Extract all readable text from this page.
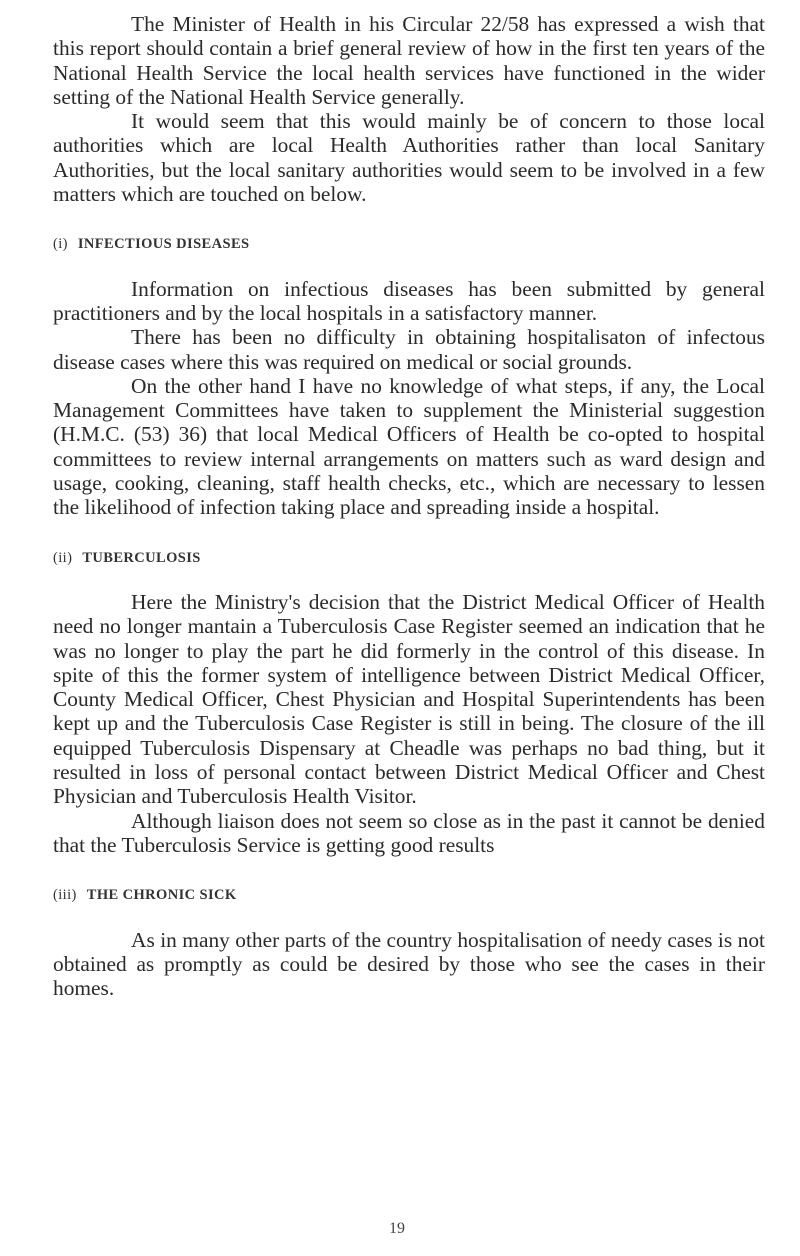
The Minister of Health in his Circular 22/58 has expressed a wish that this report should contain a brief general review of how in the first ten years of the National Health Service the local health services have functioned in the wider setting of the National Health Service generally.

It would seem that this would mainly be of concern to those local authorities which are local Health Authorities rather than local Sanitary Authorities, but the local sanitary authorities would seem to be involved in a few matters which are touched on below.

(i) INFECTIOUS DISEASES

Information on infectious diseases has been submitted by general practitioners and by the local hospitals in a satisfactory manner.

There has been no difficulty in obtaining hospitalisaton of infectous disease cases where this was required on medical or social grounds.

On the other hand I have no knowledge of what steps, if any, the Local Management Committees have taken to supplement the Ministerial suggestion (H.M.C. (53) 36) that local Medical Officers of Health be co-opted to hospital committees to review internal arrangements on matters such as ward design and usage, cooking, cleaning, staff health checks, etc., which are necessary to lessen the likelihood of infection taking place and spreading inside a hospital.

(ii) TUBERCULOSIS

Here the Ministry's decision that the District Medical Officer of Health need no longer mantain a Tuberculosis Case Register seemed an indication that he was no longer to play the part he did formerly in the control of this disease. In spite of this the former system of intelligence between District Medical Officer, County Medical Officer, Chest Physician and Hospital Superintendents has been kept up and the Tuberculosis Case Register is still in being. The closure of the ill equipped Tuberculosis Dispensary at Cheadle was perhaps no bad thing, but it resulted in loss of personal contact between District Medical Officer and Chest Physician and Tuberculosis Health Visitor.

Although liaison does not seem so close as in the past it cannot be denied that the Tuberculosis Service is getting good results

(iii) THE CHRONIC SICK

As in many other parts of the country hospitalisation of needy cases is not obtained as promptly as could be desired by those who see the cases in their homes.

19
